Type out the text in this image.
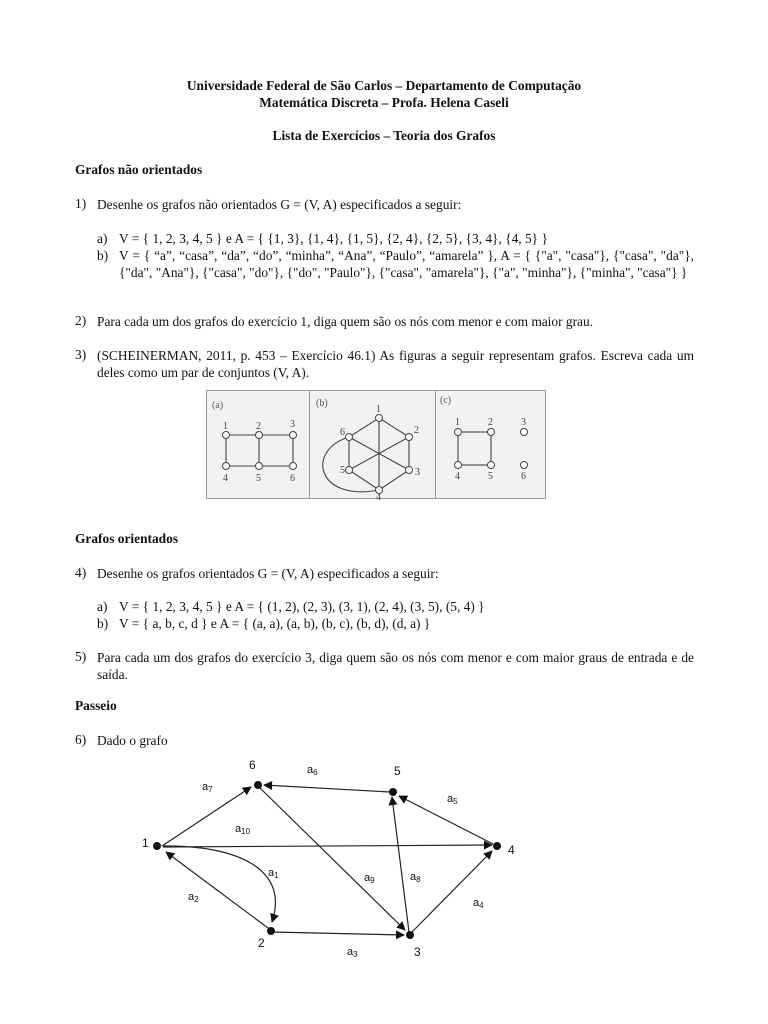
Universidade Federal de São Carlos – Departamento de Computação
Matemática Discreta – Profa. Helena Caseli
Lista de Exercícios – Teoria dos Grafos
Grafos não orientados
1) Desenhe os grafos não orientados G = (V, A) especificados a seguir:
a) V = { 1, 2, 3, 4, 5 } e A = { {1, 3}, {1, 4}, {1, 5}, {2, 4}, {2, 5}, {3, 4}, {4, 5} }
b) V = { “a”, “casa”, “da”, “do”, “minha”, “Ana”, “Paulo”, “amarela” }, A = { {"a", "casa"}, {"casa", "da"}, {"da", "Ana"}, {"casa", "do"}, {"do", "Paulo"}, {"casa", "amarela"}, {"a", "minha"}, {"minha", "casa"} }
2) Para cada um dos grafos do exercício 1, diga quem são os nós com menor e com maior grau.
3) (SCHEINERMAN, 2011, p. 453 – Exercício 46.1) As figuras a seguir representam grafos. Escreva cada um deles como um par de conjuntos (V, A).
(a)	(b)	(c)
1	2	3
4	5	6
1
2
3
4
5
6
1	2	3
4	5	6
Grafos orientados
4) Desenhe os grafos orientados G = (V, A) especificados a seguir:
a) V = { 1, 2, 3, 4, 5 } e A = { (1, 2), (2, 3), (3, 1), (2, 4), (3, 5), (5, 4) }
b) V = { a, b, c, d } e A = { (a, a), (a, b), (b, c), (b, d), (d, a) }
5) Para cada um dos grafos do exercício 3, diga quem são os nós com menor e com maior graus de entrada e de saída.
Passeio
6) Dado o grafo
1
2
3
4
5
6
a1
a2
a3
a4
a5
a6
a7
a8
a9
a10
